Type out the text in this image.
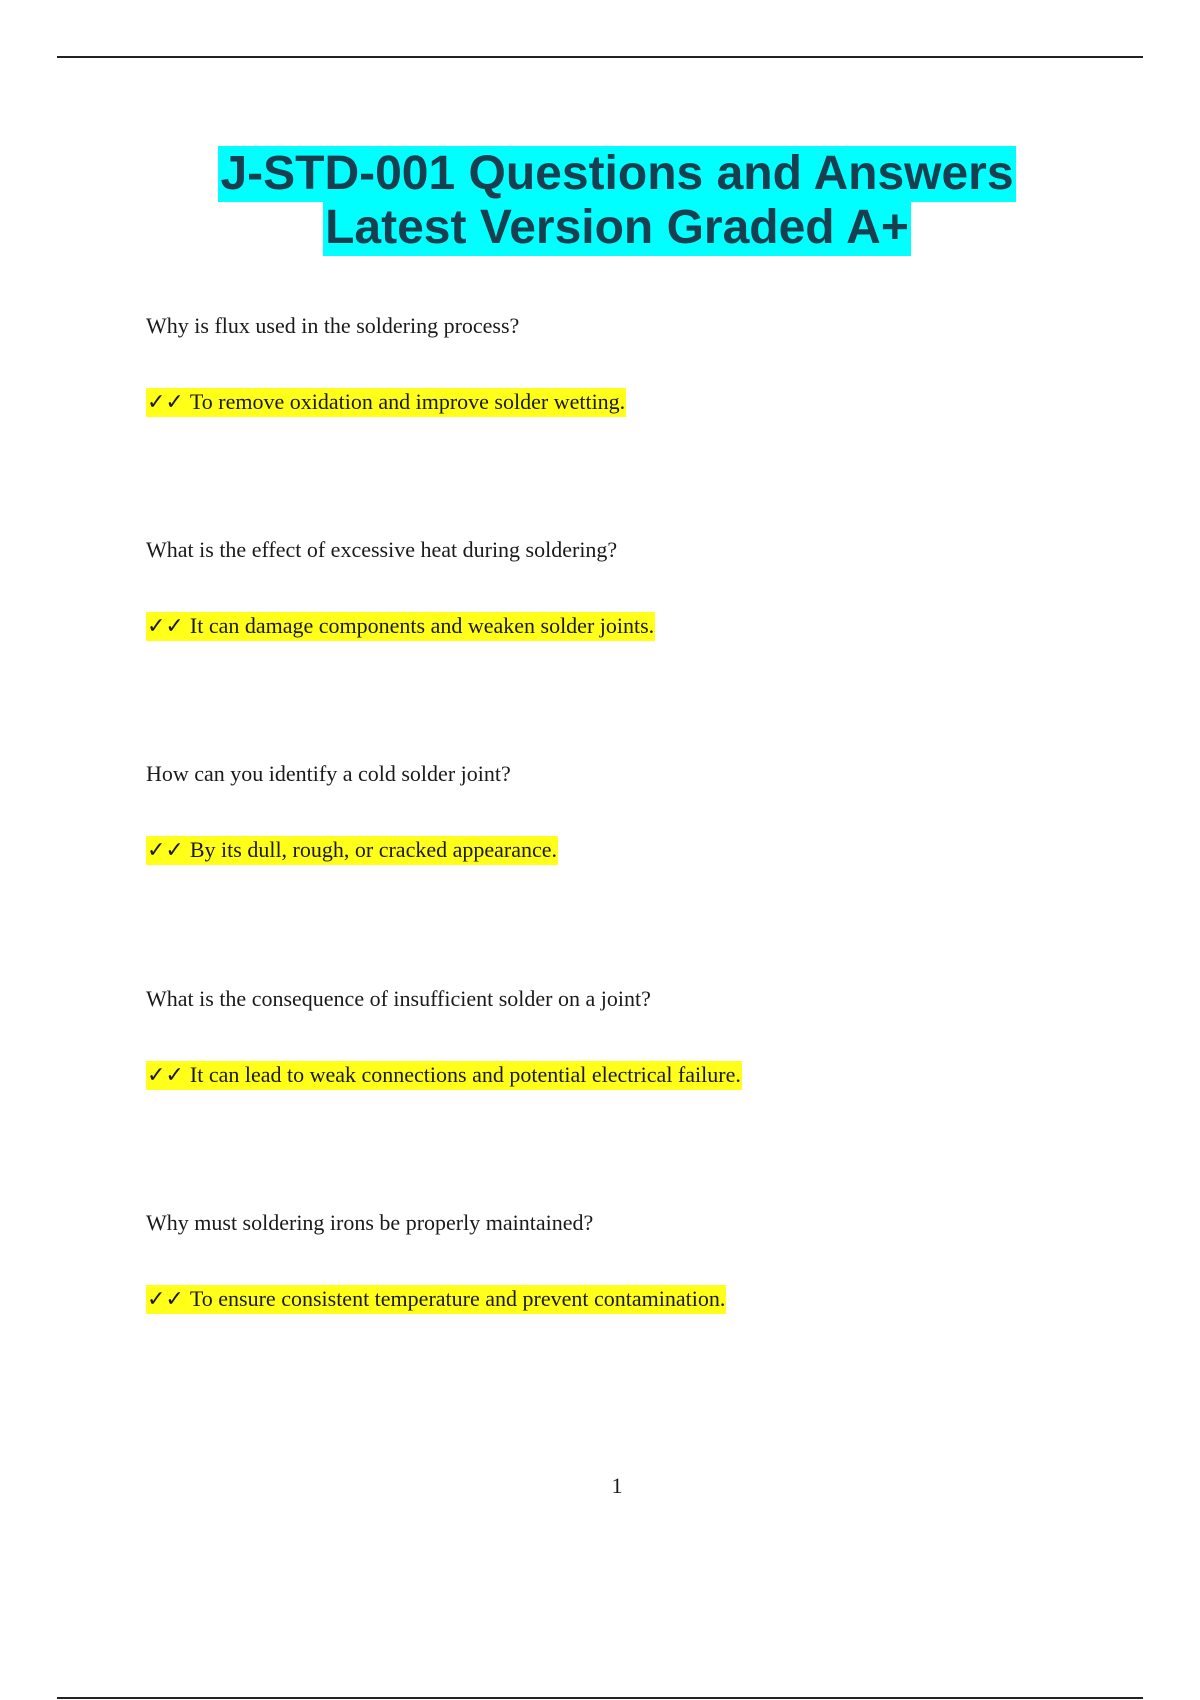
J-STD-001 Questions and Answers
Latest Version Graded A+

Why is flux used in the soldering process?

✓✓ To remove oxidation and improve solder wetting.

What is the effect of excessive heat during soldering?

✓✓ It can damage components and weaken solder joints.

How can you identify a cold solder joint?

✓✓ By its dull, rough, or cracked appearance.

What is the consequence of insufficient solder on a joint?

✓✓ It can lead to weak connections and potential electrical failure.

Why must soldering irons be properly maintained?

✓✓ To ensure consistent temperature and prevent contamination.
1
